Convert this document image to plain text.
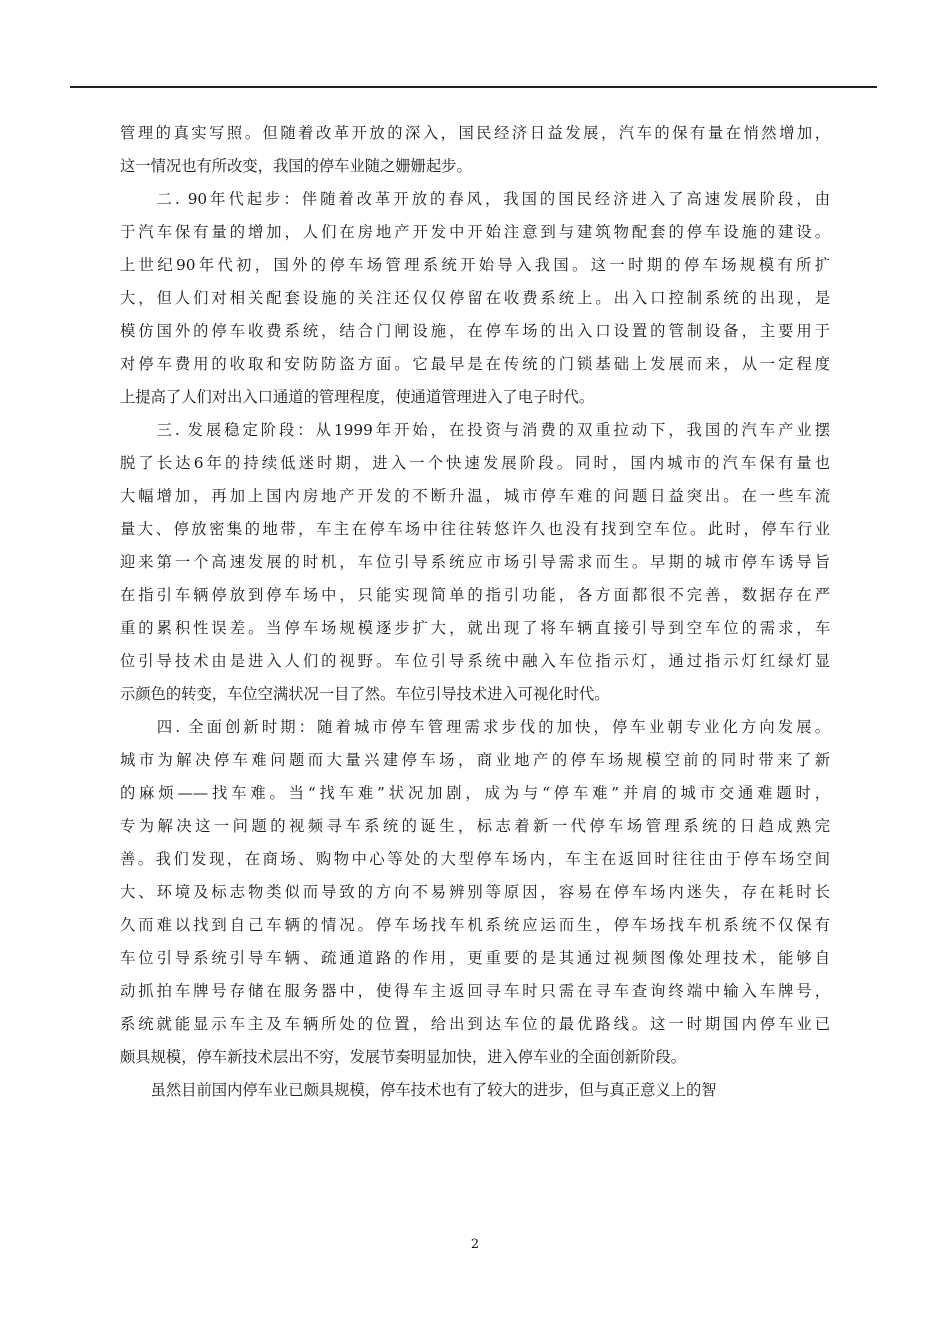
管理的真实写照。但随着改革开放的深入，国民经济日益发展，汽车的保有量在悄然增加，
这一情况也有所改变，我国的停车业随之姗姗起步。
　　二. 90年代起步：伴随着改革开放的春风，我国的国民经济进入了高速发展阶段，由
于汽车保有量的增加，人们在房地产开发中开始注意到与建筑物配套的停车设施的建设。
上世纪90年代初，国外的停车场管理系统开始导入我国。这一时期的停车场规模有所扩
大，但人们对相关配套设施的关注还仅仅停留在收费系统上。出入口控制系统的出现，是
模仿国外的停车收费系统，结合门闸设施，在停车场的出入口设置的管制设备，主要用于
对停车费用的收取和安防防盗方面。它最早是在传统的门锁基础上发展而来，从一定程度
上提高了人们对出入口通道的管理程度，使通道管理进入了电子时代。
　　三. 发展稳定阶段：从1999年开始，在投资与消费的双重拉动下，我国的汽车产业摆
脱了长达6年的持续低迷时期，进入一个快速发展阶段。同时，国内城市的汽车保有量也
大幅增加，再加上国内房地产开发的不断升温，城市停车难的问题日益突出。在一些车流
量大、停放密集的地带，车主在停车场中往往转悠许久也没有找到空车位。此时，停车行业
迎来第一个高速发展的时机，车位引导系统应市场引导需求而生。早期的城市停车诱导旨
在指引车辆停放到停车场中，只能实现简单的指引功能，各方面都很不完善，数据存在严
重的累积性误差。当停车场规模逐步扩大，就出现了将车辆直接引导到空车位的需求，车
位引导技术由是进入人们的视野。车位引导系统中融入车位指示灯，通过指示灯红绿灯显
示颜色的转变，车位空满状况一目了然。车位引导技术进入可视化时代。
　　四. 全面创新时期：随着城市停车管理需求步伐的加快，停车业朝专业化方向发展。
城市为解决停车难问题而大量兴建停车场，商业地产的停车场规模空前的同时带来了新
的麻烦——找车难。当“找车难”状况加剧，成为与“停车难”并肩的城市交通难题时，
专为解决这一问题的视频寻车系统的诞生，标志着新一代停车场管理系统的日趋成熟完
善。我们发现，在商场、购物中心等处的大型停车场内，车主在返回时往往由于停车场空间
大、环境及标志物类似而导致的方向不易辨别等原因，容易在停车场内迷失，存在耗时长
久而难以找到自己车辆的情况。停车场找车机系统应运而生，停车场找车机系统不仅保有
车位引导系统引导车辆、疏通道路的作用，更重要的是其通过视频图像处理技术，能够自
动抓拍车牌号存储在服务器中，使得车主返回寻车时只需在寻车查询终端中输入车牌号，
系统就能显示车主及车辆所处的位置，给出到达车位的最优路线。这一时期国内停车业已
颇具规模，停车新技术层出不穷，发展节奏明显加快，进入停车业的全面创新阶段。
　　虽然目前国内停车业已颇具规模，停车技术也有了较大的进步，但与真正意义上的智
2
